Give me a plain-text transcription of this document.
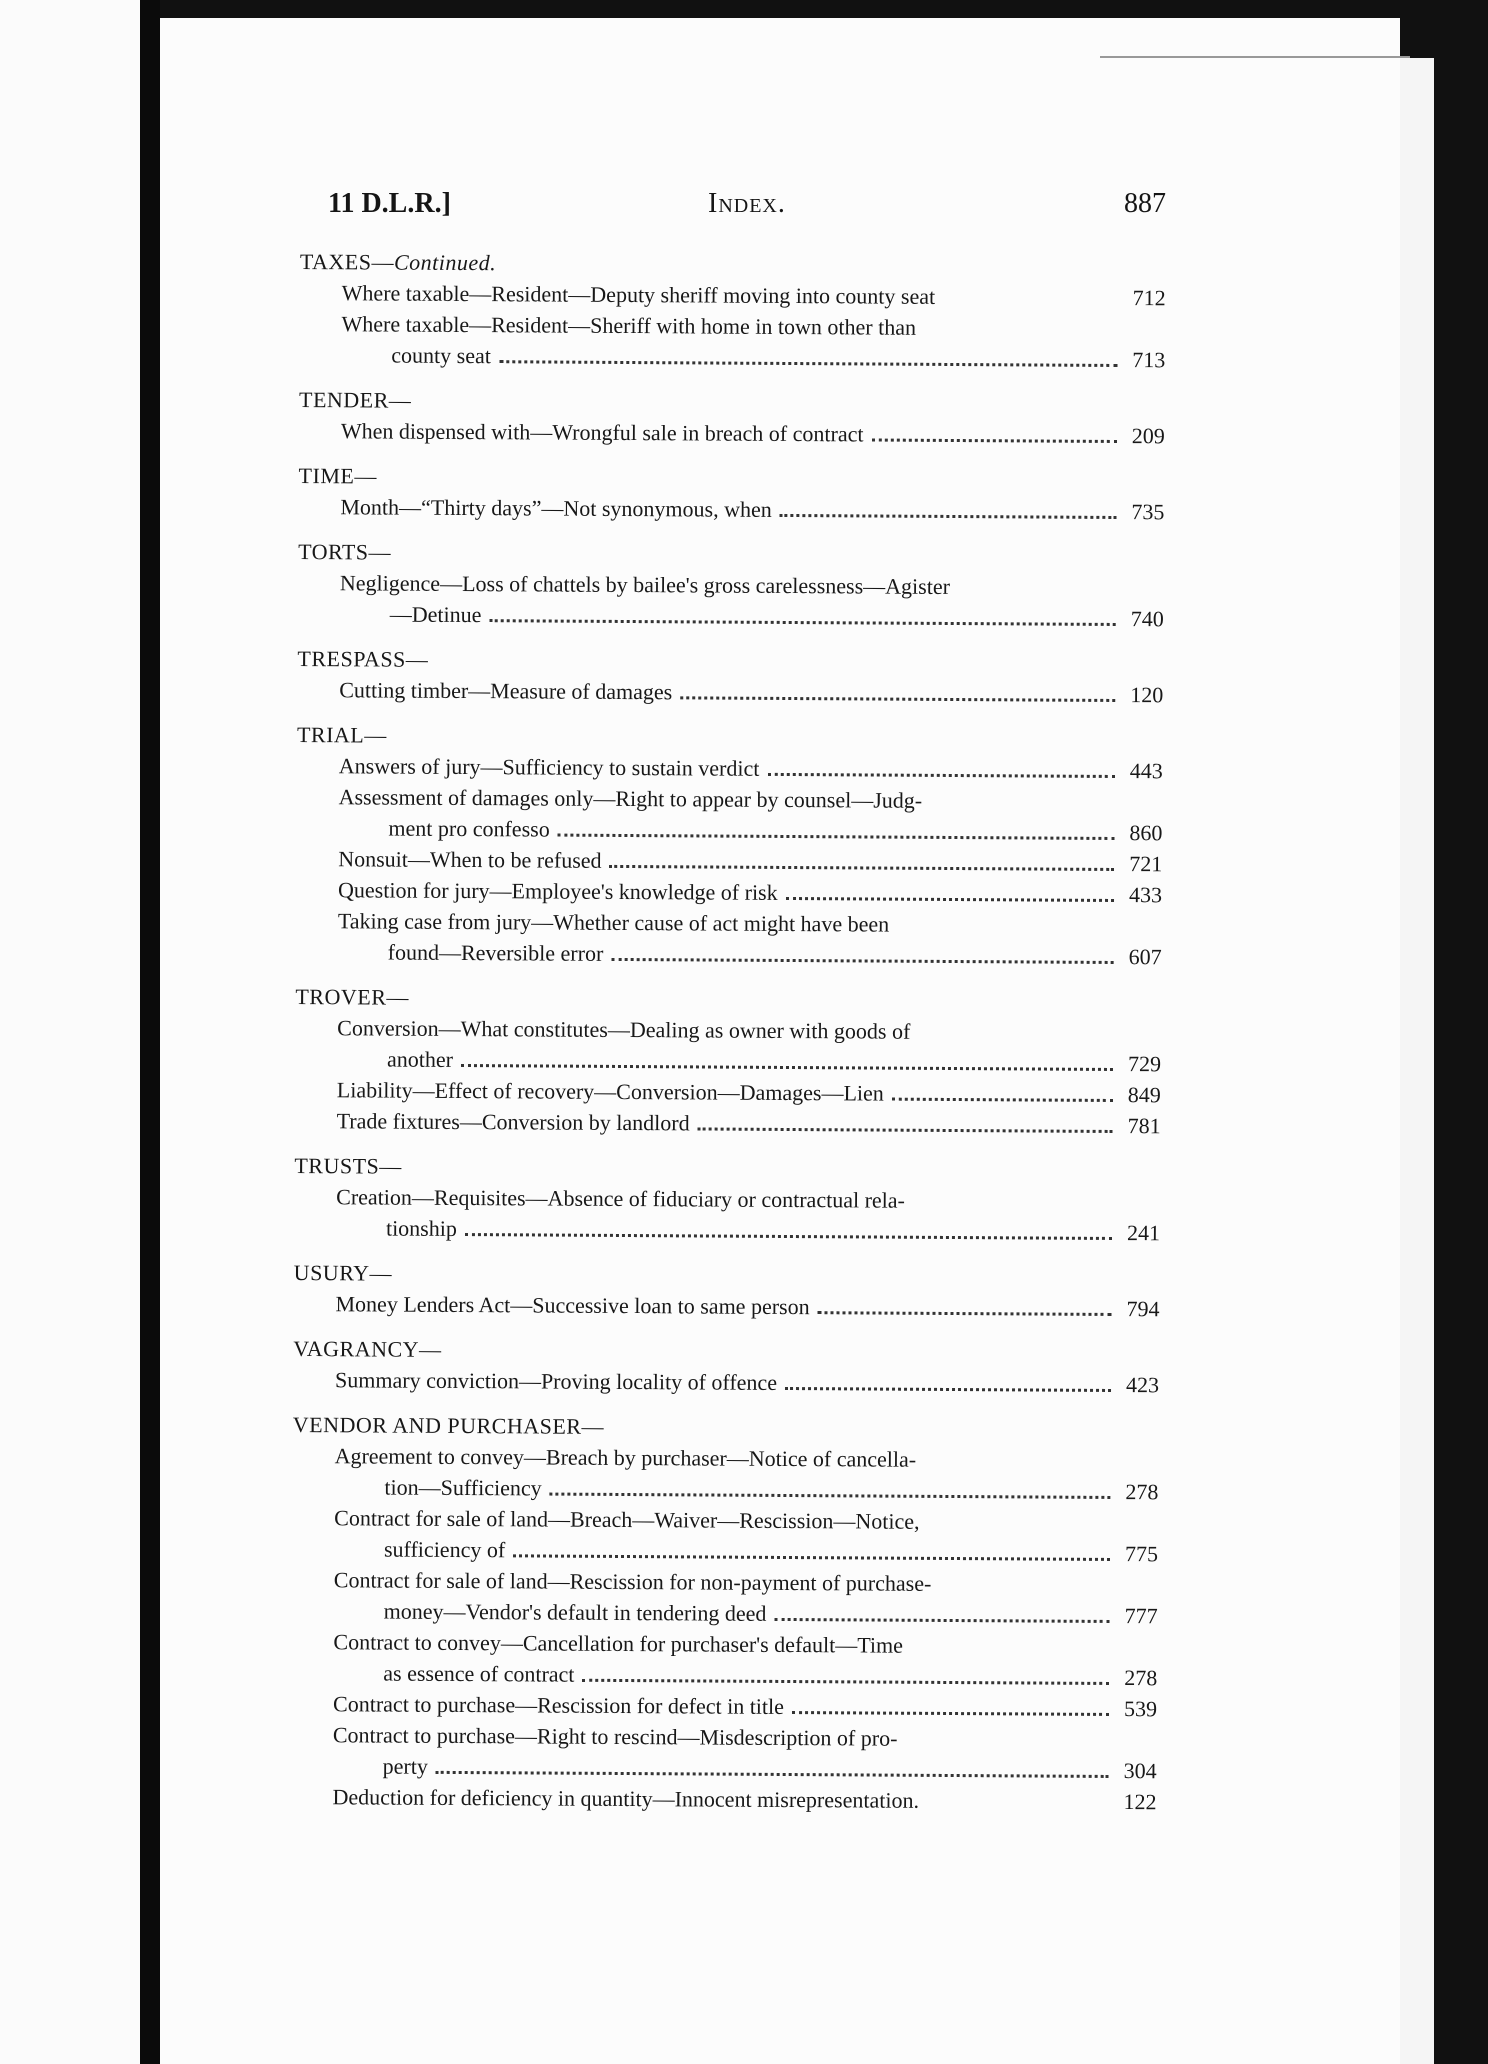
11 D.L.R.]	Index.	887
TAXES—Continued.
Where taxable—Resident—Deputy sheriff moving into county seat	712
Where taxable—Resident—Sheriff with home in town other than
county seat	713
TENDER—
When dispensed with—Wrongful sale in breach of contract	209
TIME—
Month—“Thirty days”—Not synonymous, when	735
TORTS—
Negligence—Loss of chattels by bailee's gross carelessness—Agister
—Detinue	740
TRESPASS—
Cutting timber—Measure of damages	120
TRIAL—
Answers of jury—Sufficiency to sustain verdict	443
Assessment of damages only—Right to appear by counsel—Judg-
ment pro confesso	860
Nonsuit—When to be refused	721
Question for jury—Employee's knowledge of risk	433
Taking case from jury—Whether cause of act might have been
found—Reversible error	607
TROVER—
Conversion—What constitutes—Dealing as owner with goods of
another	729
Liability—Effect of recovery—Conversion—Damages—Lien	849
Trade fixtures—Conversion by landlord	781
TRUSTS—
Creation—Requisites—Absence of fiduciary or contractual rela-
tionship	241
USURY—
Money Lenders Act—Successive loan to same person	794
VAGRANCY—
Summary conviction—Proving locality of offence	423
VENDOR AND PURCHASER—
Agreement to convey—Breach by purchaser—Notice of cancella-
tion—Sufficiency	278
Contract for sale of land—Breach—Waiver—Rescission—Notice,
sufficiency of	775
Contract for sale of land—Rescission for non-payment of purchase-
money—Vendor's default in tendering deed	777
Contract to convey—Cancellation for purchaser's default—Time
as essence of contract	278
Contract to purchase—Rescission for defect in title	539
Contract to purchase—Right to rescind—Misdescription of pro-
perty	304
Deduction for deficiency in quantity—Innocent misrepresentation.	122
